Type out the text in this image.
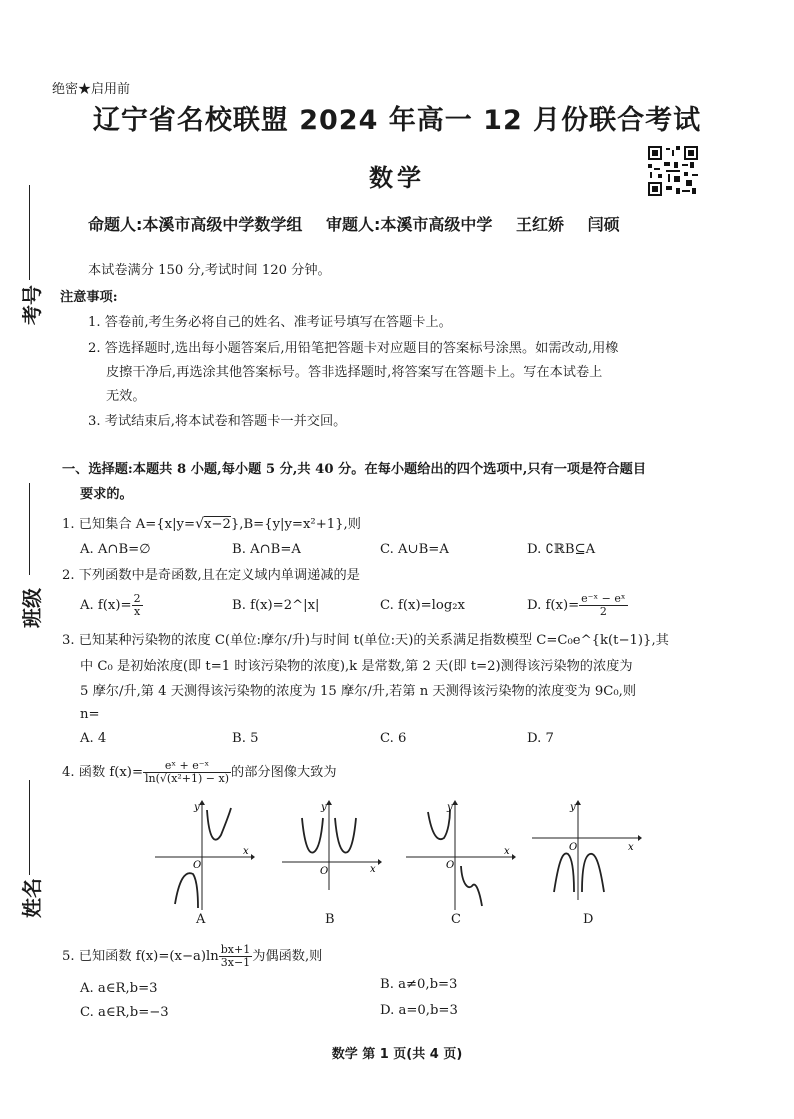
绝密★启用前
辽宁省名校联盟 2024 年高一 12 月份联合考试
数学
命题人:本溪市高级中学数学组 审题人:本溪市高级中学 王红娇 闫硕
考号
班级
姓名
本试卷满分 150 分,考试时间 120 分钟。
注意事项:
1. 答卷前,考生务必将自己的姓名、准考证号填写在答题卡上。
2. 答选择题时,选出每小题答案后,用铅笔把答题卡对应题目的答案标号涂黑。如需改动,用橡
皮擦干净后,再选涂其他答案标号。答非选择题时,将答案写在答题卡上。写在本试卷上
无效。
3. 考试结束后,将本试卷和答题卡一并交回。
一、选择题:本题共 8 小题,每小题 5 分,共 40 分。在每小题给出的四个选项中,只有一项是符合题目
要求的。
1. 已知集合 A={x|y=√x−2},B={y|y=x²+1},则
A. A∩B=∅	B. A∩B=A	C. A∪B=A	D. ∁ℝB⊆A
2. 下列函数中是奇函数,且在定义域内单调递减的是
A. $f(x)= \frac{2}{x}$	B. f(x)=2^|x|	C. f(x)=log₂x	D. $f(x)= \frac{\text{e⁻ˣ − eˣ}}{2}$
3. 已知某种污染物的浓度 C(单位:摩尔/升)与时间 t(单位:天)的关系满足指数模型 C=C₀e^{k(t−1)},其
中 C₀ 是初始浓度(即 t=1 时该污染物的浓度),k 是常数,第 2 天(即 t=2)测得该污染物的浓度为
5 摩尔/升,第 4 天测得该污染物的浓度为 15 摩尔/升,若第 n 天测得该污染物的浓度变为 9C₀,则
n=
A. 4	B. 5	C. 6	D. 7
4. 函数 $f(x)= \frac{\text{eˣ + e⁻ˣ}}{\text{ln(√(x²+1) − x)}}$ 的部分图像大致为
x
y
O
A
x
y
O
B
x
y
O
C
x
y
O
D
5. 已知函数 $f(x)=(x-a)\ln \frac{bx+1}{3x-1}$ 为偶函数,则
A. a∈R,b=3	B. a≠0,b=3
C. a∈R,b=−3	D. a=0,b=3
数学 第 1 页(共 4 页)
